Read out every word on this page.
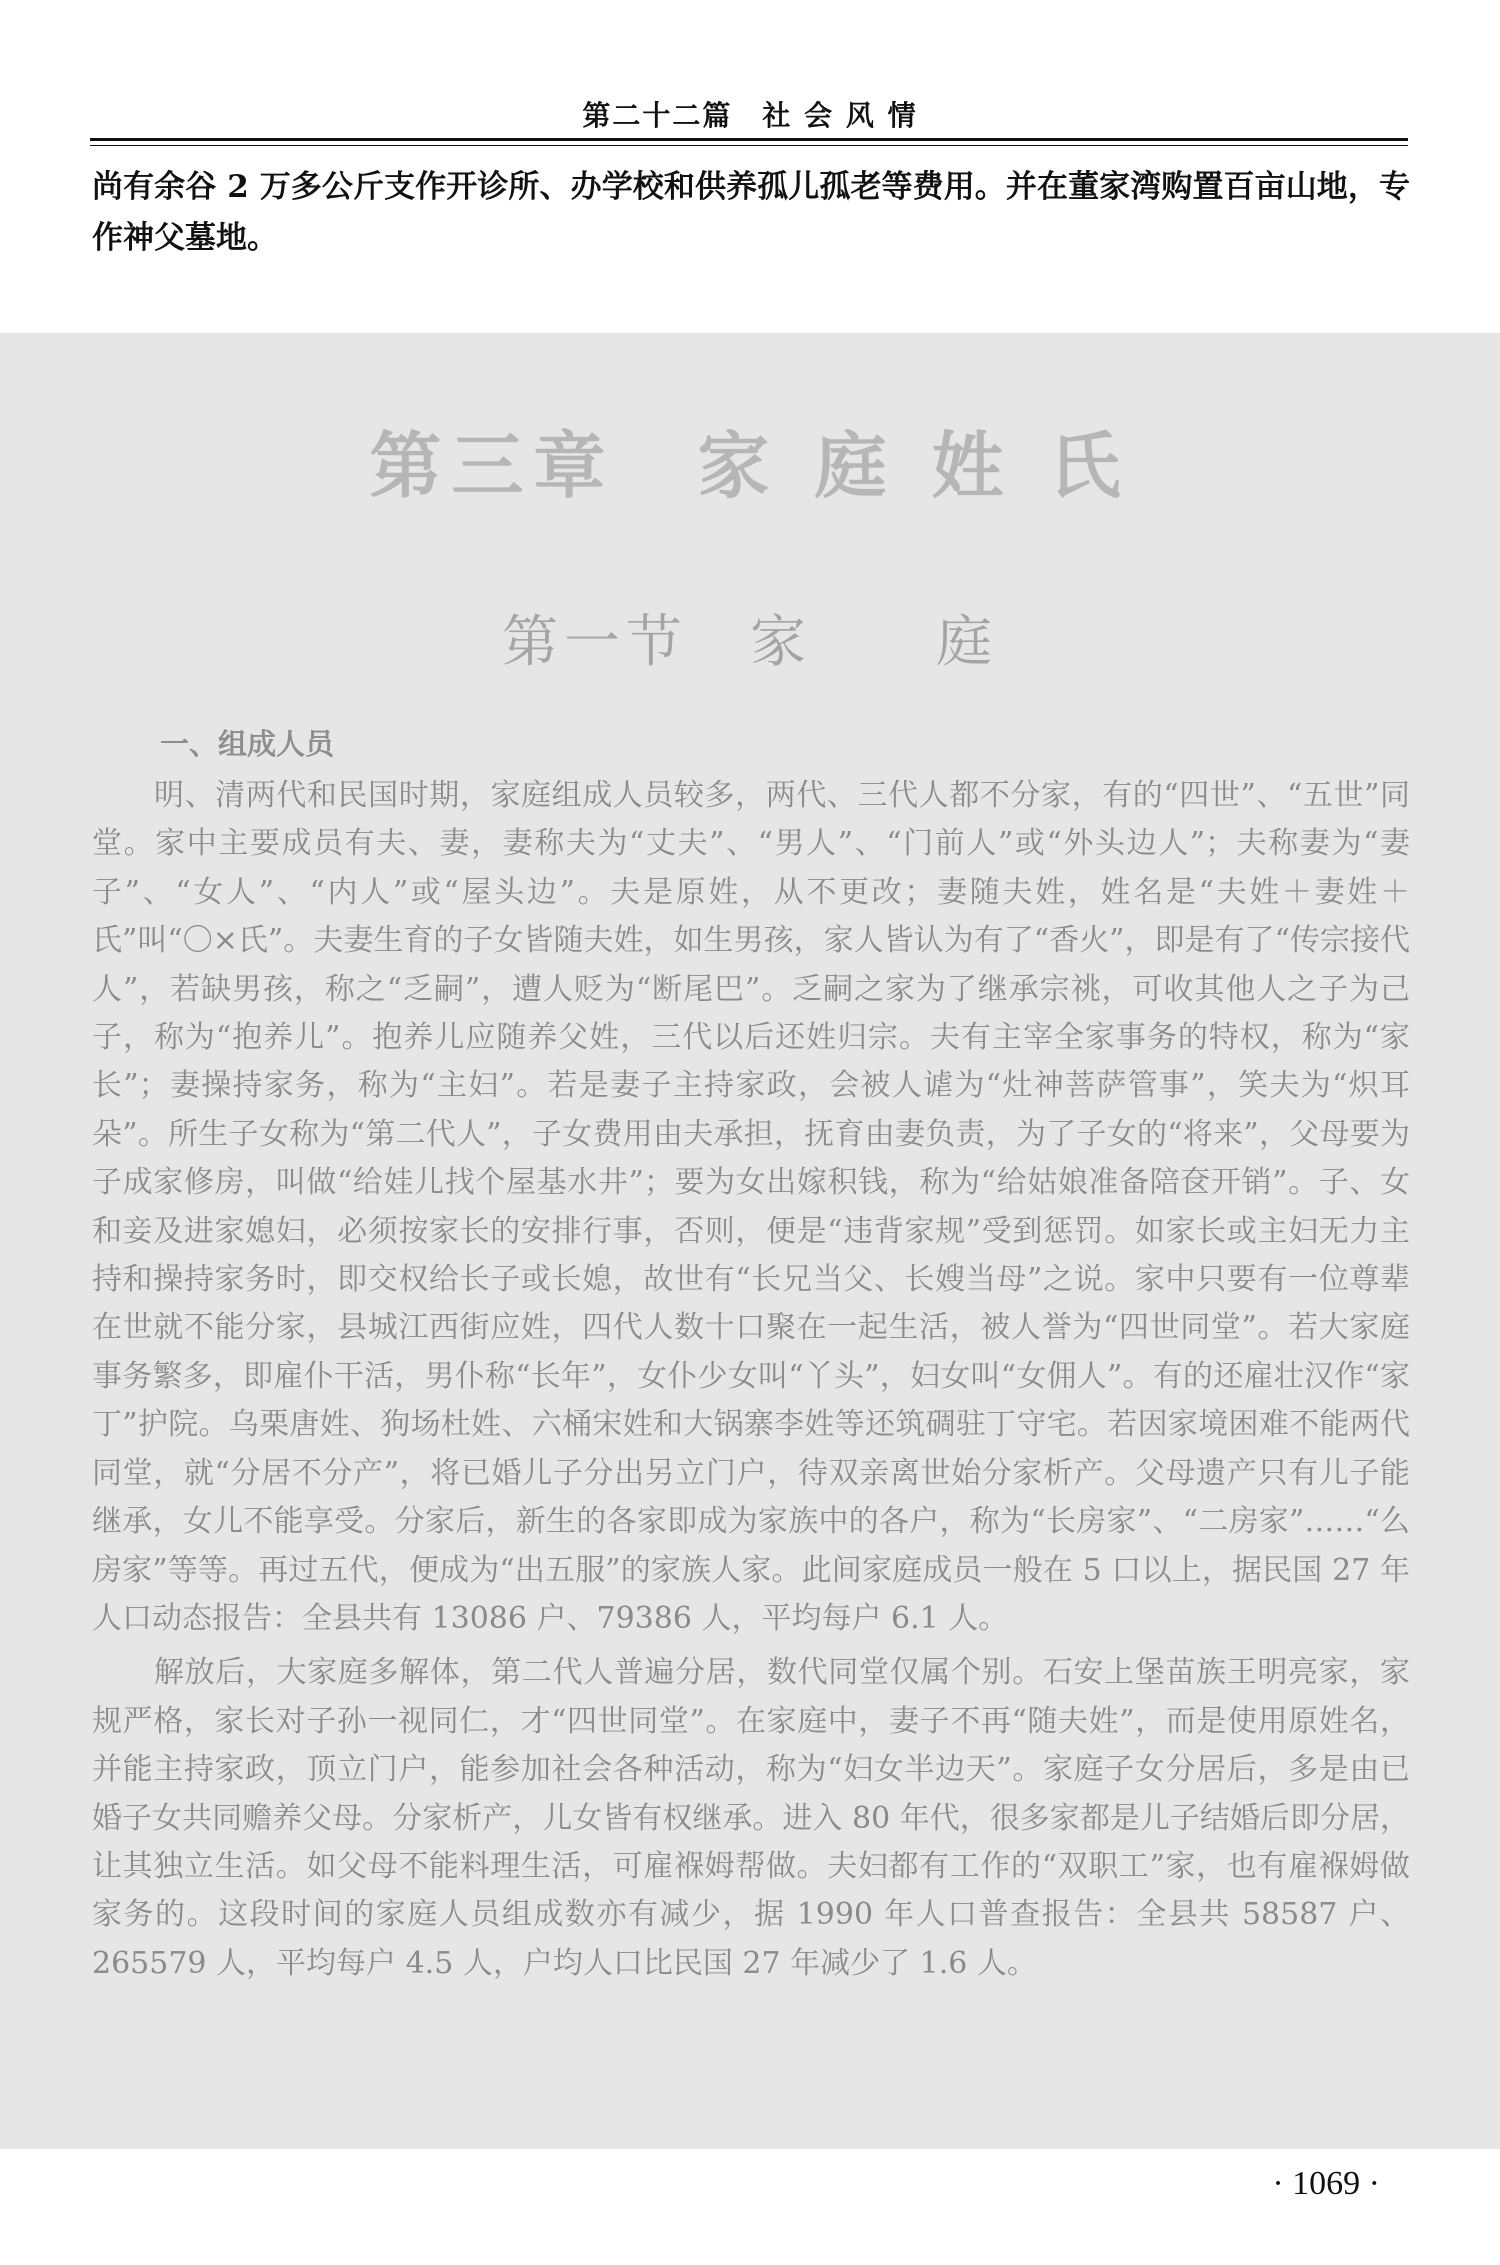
第二十二篇　社 会 风 情
尚有余谷 2 万多公斤支作开诊所、办学校和供养孤儿孤老等费用。并在董家湾购置百亩山地，专作神父墓地。
第三章　家 庭 姓 氏
第一节　家　　庭
一、组成人员

明、清两代和民国时期，家庭组成人员较多，两代、三代人都不分家，有的“四世”、“五世”同堂。家中主要成员有夫、妻，妻称夫为“丈夫”、“男人”、“门前人”或“外头边人”；夫称妻为“妻子”、“女人”、“内人”或“屋头边”。夫是原姓，从不更改；妻随夫姓，姓名是“夫姓＋妻姓＋氏”叫“〇×氏”。夫妻生育的子女皆随夫姓，如生男孩，家人皆认为有了“香火”，即是有了“传宗接代人”，若缺男孩，称之“乏嗣”，遭人贬为“断尾巴”。乏嗣之家为了继承宗祧，可收其他人之子为己子，称为“抱养儿”。抱养儿应随养父姓，三代以后还姓归宗。夫有主宰全家事务的特权，称为“家长”；妻操持家务，称为“主妇”。若是妻子主持家政，会被人谑为“灶神菩萨管事”，笑夫为“炽耳朵”。所生子女称为“第二代人”，子女费用由夫承担，抚育由妻负责，为了子女的“将来”，父母要为子成家修房，叫做“给娃儿找个屋基水井”；要为女出嫁积钱，称为“给姑娘准备陪奁开销”。子、女和妾及进家媳妇，必须按家长的安排行事，否则，便是“违背家规”受到惩罚。如家长或主妇无力主持和操持家务时，即交权给长子或长媳，故世有“长兄当父、长嫂当母”之说。家中只要有一位尊辈在世就不能分家，县城江西街应姓，四代人数十口聚在一起生活，被人誉为“四世同堂”。若大家庭事务繁多，即雇仆干活，男仆称“长年”，女仆少女叫“丫头”，妇女叫“女佣人”。有的还雇壮汉作“家丁”护院。乌栗唐姓、狗场杜姓、六桶宋姓和大锅寨李姓等还筑碉驻丁守宅。若因家境困难不能两代同堂，就“分居不分产”，将已婚儿子分出另立门户，待双亲离世始分家析产。父母遗产只有儿子能继承，女儿不能享受。分家后，新生的各家即成为家族中的各户，称为“长房家”、“二房家”……“么房家”等等。再过五代，便成为“出五服”的家族人家。此间家庭成员一般在 5 口以上，据民国 27 年人口动态报告：全县共有 13086 户、79386 人，平均每户 6.1 人。

解放后，大家庭多解体，第二代人普遍分居，数代同堂仅属个别。石安上堡苗族王明亮家，家规严格，家长对子孙一视同仁，才“四世同堂”。在家庭中，妻子不再“随夫姓”，而是使用原姓名，并能主持家政，顶立门户，能参加社会各种活动，称为“妇女半边天”。家庭子女分居后，多是由已婚子女共同赡养父母。分家析产，儿女皆有权继承。进入 80 年代，很多家都是儿子结婚后即分居，让其独立生活。如父母不能料理生活，可雇褓姆帮做。夫妇都有工作的“双职工”家，也有雇褓姆做家务的。这段时间的家庭人员组成数亦有减少，据 1990 年人口普查报告：全县共 58587 户、265579 人，平均每户 4.5 人，户均人口比民国 27 年减少了 1.6 人。

· 1069 ·
